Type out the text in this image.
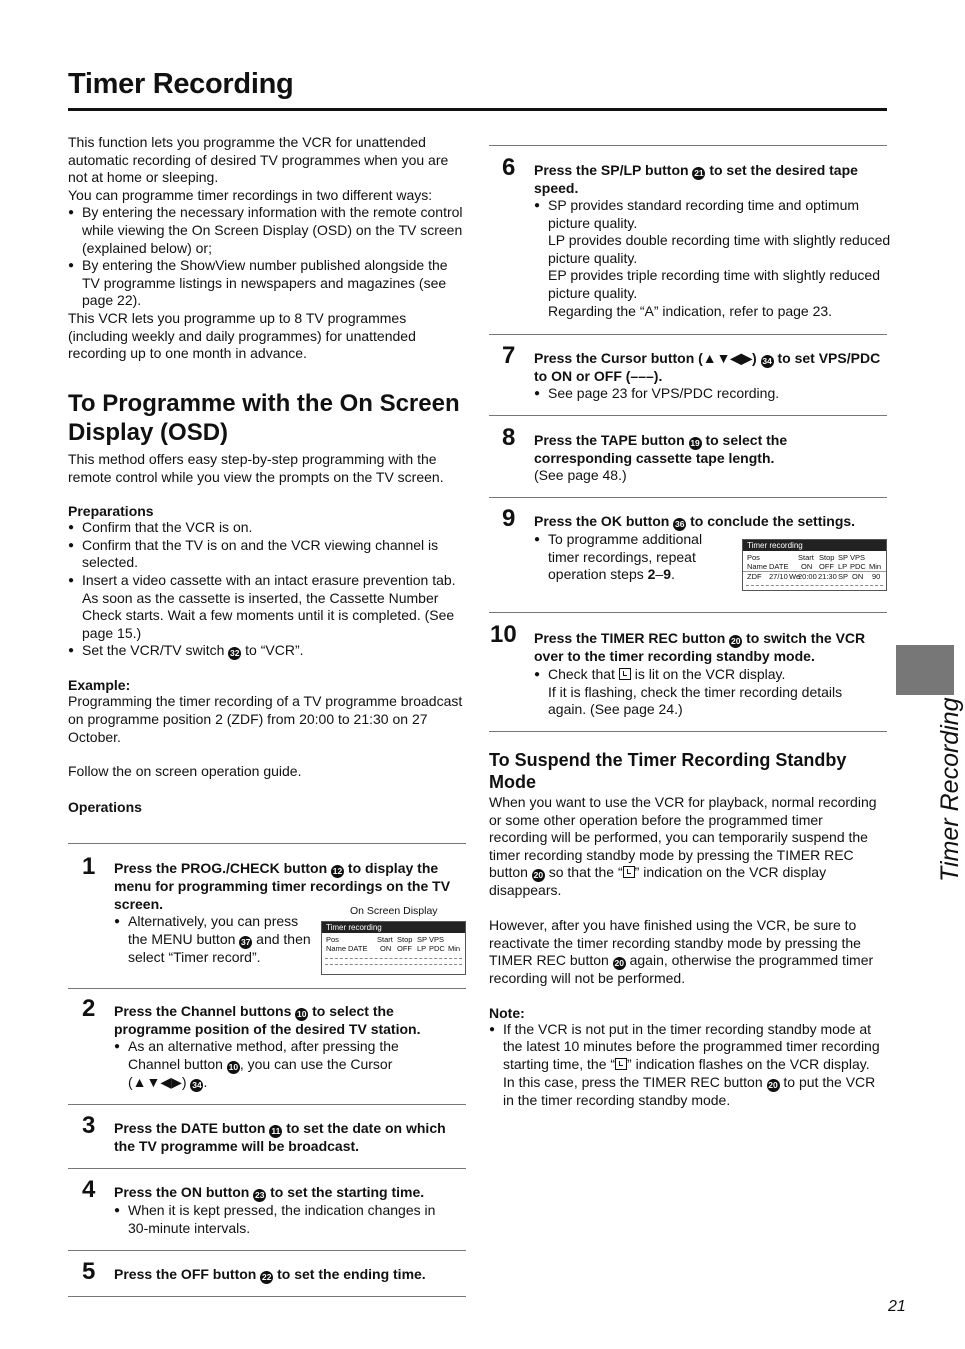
Timer Recording

This function lets you programme the VCR for unattended automatic recording of desired TV programmes when you are not at home or sleeping.

You can programme timer recordings in two different ways:

● By entering the necessary information with the remote control while viewing the On Screen Display (OSD) on the TV screen (explained below) or;

● By entering the ShowView number published alongside the TV programme listings in newspapers and magazines (see page 22).

This VCR lets you programme up to 8 TV programmes (including weekly and daily programmes) for unattended recording up to one month in advance.

To Programme with the On Screen Display (OSD)

This method offers easy step-by-step programming with the remote control while you view the prompts on the TV screen.

Preparations

● Confirm that the VCR is on.

● Confirm that the TV is on and the VCR viewing channel is selected.

● Insert a video cassette with an intact erasure prevention tab.

As soon as the cassette is inserted, the Cassette Number Check starts. Wait a few moments until it is completed. (See page 15.)

● Set the VCR/TV switch 32 to “VCR”.

Example:

Programming the timer recording of a TV programme broadcast on programme position 2 (ZDF) from 20:00 to 21:30 on 27 October.

Follow the on screen operation guide.

Operations

1 Press the PROG./CHECK button 12 to display the menu for programming timer recordings on the TV screen.
● Alternatively, you can press the MENU button 37 and then select “Timer record”.
On Screen Display
Timer recording
Pos	Start Stop SP VPS
Name DATE ON OFF LP PDC Min
2 Press the Channel buttons 10 to select the programme position of the desired TV station.
● As an alternative method, after pressing the Channel button 10 , you can use the Cursor (▲▼◀▶) 34 .
3 Press the DATE button 11 to set the date on which the TV programme will be broadcast.
4 Press the ON button 23 to set the starting time.
● When it is kept pressed, the indication changes in 30-minute intervals.
5 Press the OFF button 22 to set the ending time.
6 Press the SP/LP button 21 to set the desired tape speed.
● SP provides standard recording time and optimum picture quality.
LP provides double recording time with slightly reduced picture quality.
EP provides triple recording time with slightly reduced picture quality.
Regarding the “A” indication, refer to page 23.
7 Press the Cursor button (▲▼◀▶) 34 to set VPS/PDC to ON or OFF (–––).
● See page 23 for VPS/PDC recording.
8 Press the TAPE button 19 to select the corresponding cassette tape length.
(See page 48.)
9 Press the OK button 36 to conclude the settings.
● To programme additional timer recordings, repeat operation steps 2–9.
Timer recording
Pos	Start Stop SP VPS
Name DATE ON OFF LP PDC Min
ZDF 27/10 We
20:00 21:30 SP ON 90
10 Press the TIMER REC button 20 to switch the VCR over to the timer recording standby mode.
● Check that is lit on the VCR display.
If it is flashing, check the timer recording details again. (See page 24.)
To Suspend the Timer Recording Standby Mode

When you want to use the VCR for playback, normal recording or some other operation before the programmed timer recording will be performed, you can temporarily suspend the timer recording standby mode by pressing the TIMER REC button 20 so that the “ ” indication on the VCR display disappears.

However, after you have finished using the VCR, be sure to reactivate the timer recording standby mode by pressing the TIMER REC button 20 again, otherwise the programmed timer recording will not be performed.

Note:

● If the VCR is not put in the timer recording standby mode at the latest 10 minutes before the programmed timer recording starting time, the “ ” indication flashes on the VCR display. In this case, press the TIMER REC button 20 to put the VCR in the timer recording standby mode.

Timer Recording
21
